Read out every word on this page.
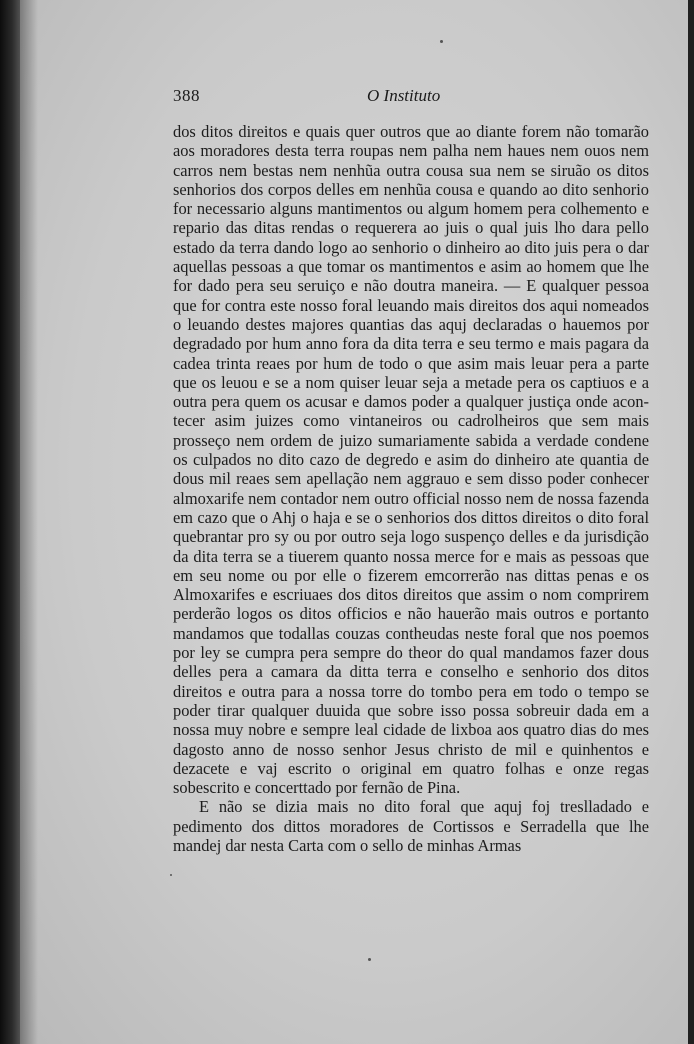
388	O Instituto

dos ditos direitos e quais quer outros que ao diante forem não tomarão aos moradores desta terra roupas nem palha nem haues nem ouos nem carros nem bestas nem nenhũa outra cousa sua nem se siruão os ditos senhorios dos corpos delles em nenhũa cousa e quando ao dito senhorio for necessario alguns mantimentos ou algum homem pera colhemento e repario das ditas rendas o requerera ao juis o qual juis lho dara pello estado da terra dando logo ao senhorio o dinheiro ao dito juis pera o dar aquellas pessoas a que tomar os mantimentos e asim ao homem que lhe for dado pera seu seruiço e não doutra maneira. — E qualquer pessoa que for contra este nosso foral leuando mais direitos dos aqui nomeados o leuando destes majores quantias das aquj declaradas o hauemos por degradado por hum anno fora da dita terra e seu termo e mais pagara da cadea trinta reaes por hum de todo o que asim mais leuar pera a parte que os leuou e se a nom quiser leuar seja a metade pera os captiuos e a outra pera quem os acusar e damos poder a qualquer justiça onde acontecer asim juizes como vintaneiros ou cadrolheiros que sem mais prosseço nem ordem de juizo sumariamente sabida a verdade condene os culpados no dito cazo de degredo e asim do dinheiro ate quantia de dous mil reaes sem apellação nem aggrauo e sem disso poder conhecer almoxarife nem contador nem outro official nosso nem de nossa fazenda em cazo que o Ahj o haja e se o senhorios dos dittos direitos o dito foral quebrantar pro sy ou por outro seja logo suspenço delles e da jurisdição da dita terra se a tiuerem quanto nossa merce for e mais as pessoas que em seu nome ou por elle o fizerem emcorrerão nas dittas penas e os Almoxarifes e escriuaes dos ditos direitos que assim o nom comprirem perderão logos os ditos officios e não hauerão mais outros e portanto mandamos que todallas couzas contheudas neste foral que nos poemos por ley se cumpra pera sempre do theor do qual mandamos fazer dous delles pera a camara da ditta terra e conselho e senhorio dos ditos direitos e outra para a nossa torre do tombo pera em todo o tempo se poder tirar qualquer duuida que sobre isso possa sobreuir dada em a nossa muy nobre e sempre leal cidade de lixboa aos quatro dias do mes dagosto anno de nosso senhor Jesus christo de mil e quinhentos e dezacete e vaj escrito o original em quatro folhas e onze regas sobescrito e concerttado por fernão de Pina.

E não se dizia mais no dito foral que aquj foj treslladado e pedimento dos dittos moradores de Cortissos e Serradella que lhe mandej dar nesta Carta com o sello de minhas Armas
